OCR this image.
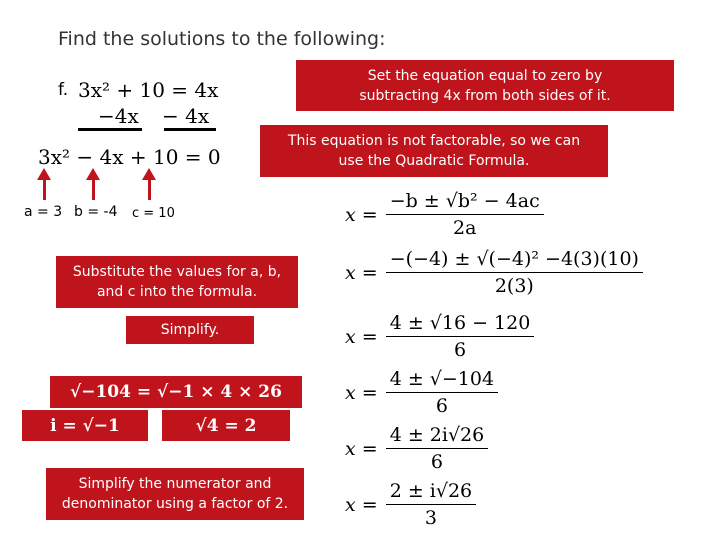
Find the solutions to the following:
f. 3x² + 10 = 4x
−4x − 4x
3x² − 4x + 10 = 0
a = 3 b = -4 c = 10
Set the equation equal to zero by subtracting 4x from both sides of it.
This equation is not factorable, so we can use the Quadratic Formula.
Substitute the values for a, b, and c into the formula.
Simplify.
√−104 = √−1 × 4 × 26
i = √−1	√4 = 2
Simplify the numerator and denominator using a factor of 2.
$x = \frac{\text{−b ± √b² − 4ac}}{2a}$
$x = \frac{\text{−(−4) ± √(−4)² −4(3)(10)}}{2(3)}$
$x = \frac{4 \pm √16 - 120}{6}$
$x = \frac{4 \pm √-104}{6}$
$x = \frac{4 \pm 2i√26}{6}$
$x = \frac{2 \pm i√26}{3}$
